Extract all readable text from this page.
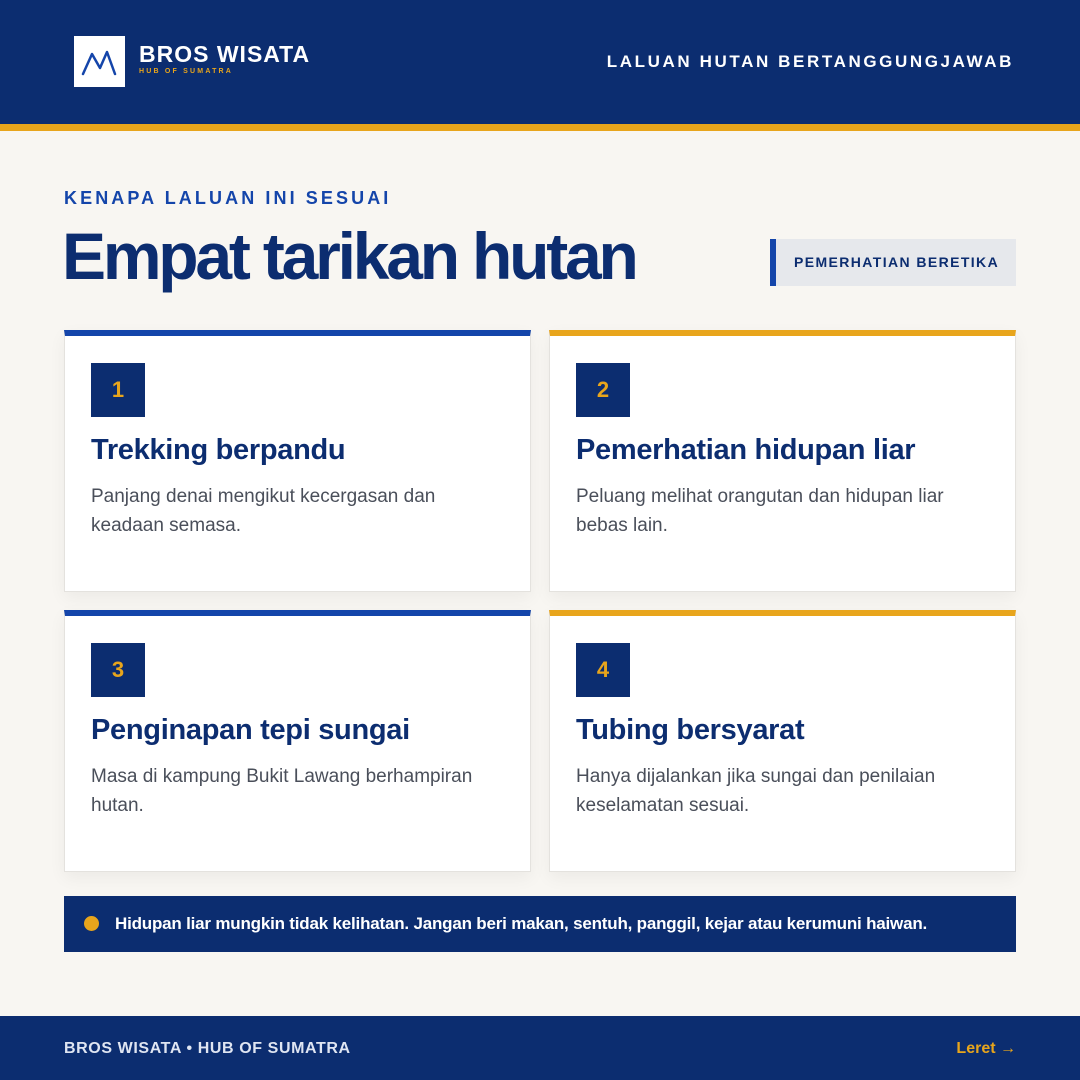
BROS WISATA
HUB OF SUMATRA
LALUAN HUTAN BERTANGGUNGJAWAB
KENAPA LALUAN INI SESUAI
Empat tarikan hutan	PEMERHATIAN BERETIKA
1
Trekking berpandu
Panjang denai mengikut kecergasan dan keadaan semasa.
2
Pemerhatian hidupan liar
Peluang melihat orangutan dan hidupan liar bebas lain.
3
Penginapan tepi sungai
Masa di kampung Bukit Lawang berhampiran hutan.
4
Tubing bersyarat
Hanya dijalankan jika sungai dan penilaian keselamatan sesuai.
Hidupan liar mungkin tidak kelihatan. Jangan beri makan, sentuh, panggil, kejar atau kerumuni haiwan.
BROS WISATA • HUB OF SUMATRA	Leret →
